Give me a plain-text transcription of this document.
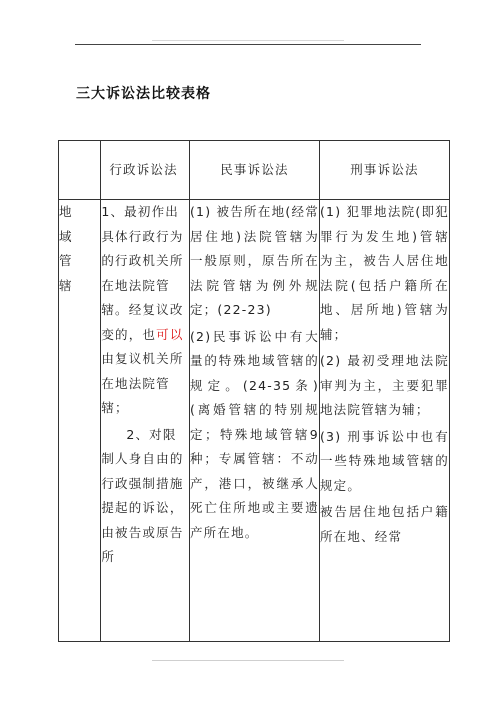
三大诉讼法比较表格

	行政诉讼法	民事诉讼法	刑事诉讼法

地
域
管
辖	1、最初作出具体行政行为的行政机关所在地法院管辖。经复议改变的，也可以由复议机关所在地法院管辖；
2、对限制人身自由的行政强制措施提起的诉讼，由被告或原告所	(1) 被告所在地(经常居住地)法院管辖为一般原则，原告所在法院管辖为例外规定；(22-23)
(2)民事诉讼中有大量的特殊地域管辖的规定。(24-35条) (离婚管辖的特别规定；特殊地域管辖9种；专属管辖：不动产，港口，被继承人死亡住所地或主要遗产所在地。	(1) 犯罪地法院(即犯罪行为发生地)管辖为主，被告人居住地法院(包括户籍所在地、居所地)管辖为辅；
(2) 最初受理地法院审判为主，主要犯罪地法院管辖为辅；
(3) 刑事诉讼中也有一些特殊地域管辖的规定。
被告居住地包括户籍所在地、经常
